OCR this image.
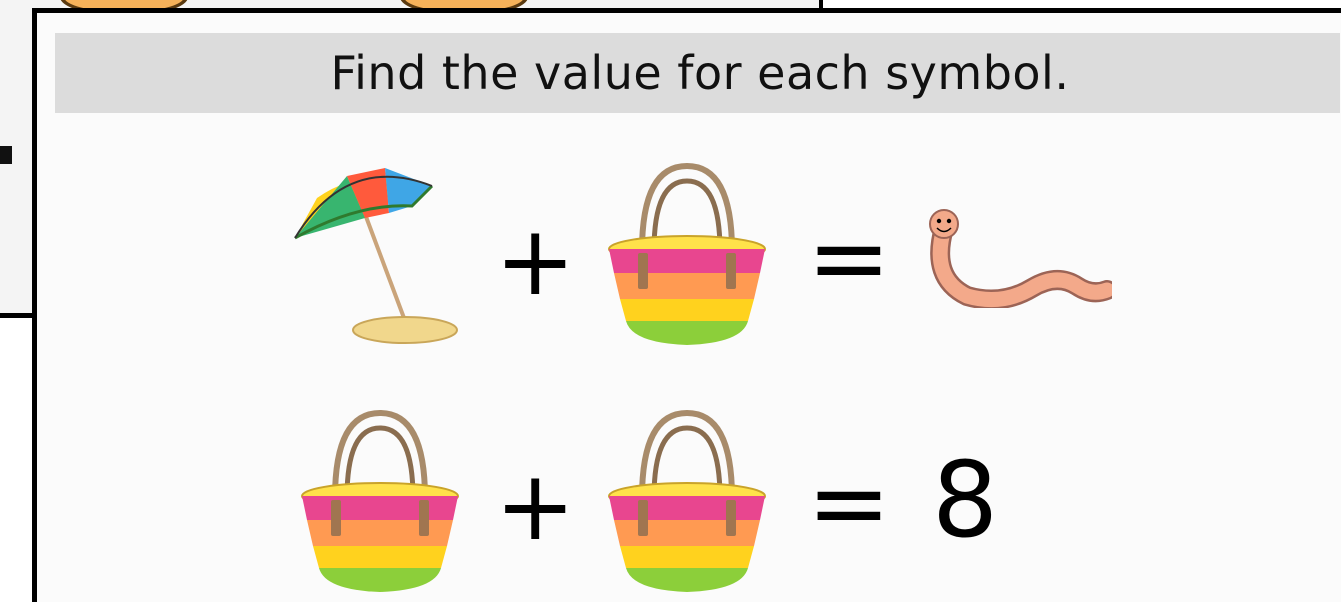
Find the value for each symbol.
+ =
+ = 8
